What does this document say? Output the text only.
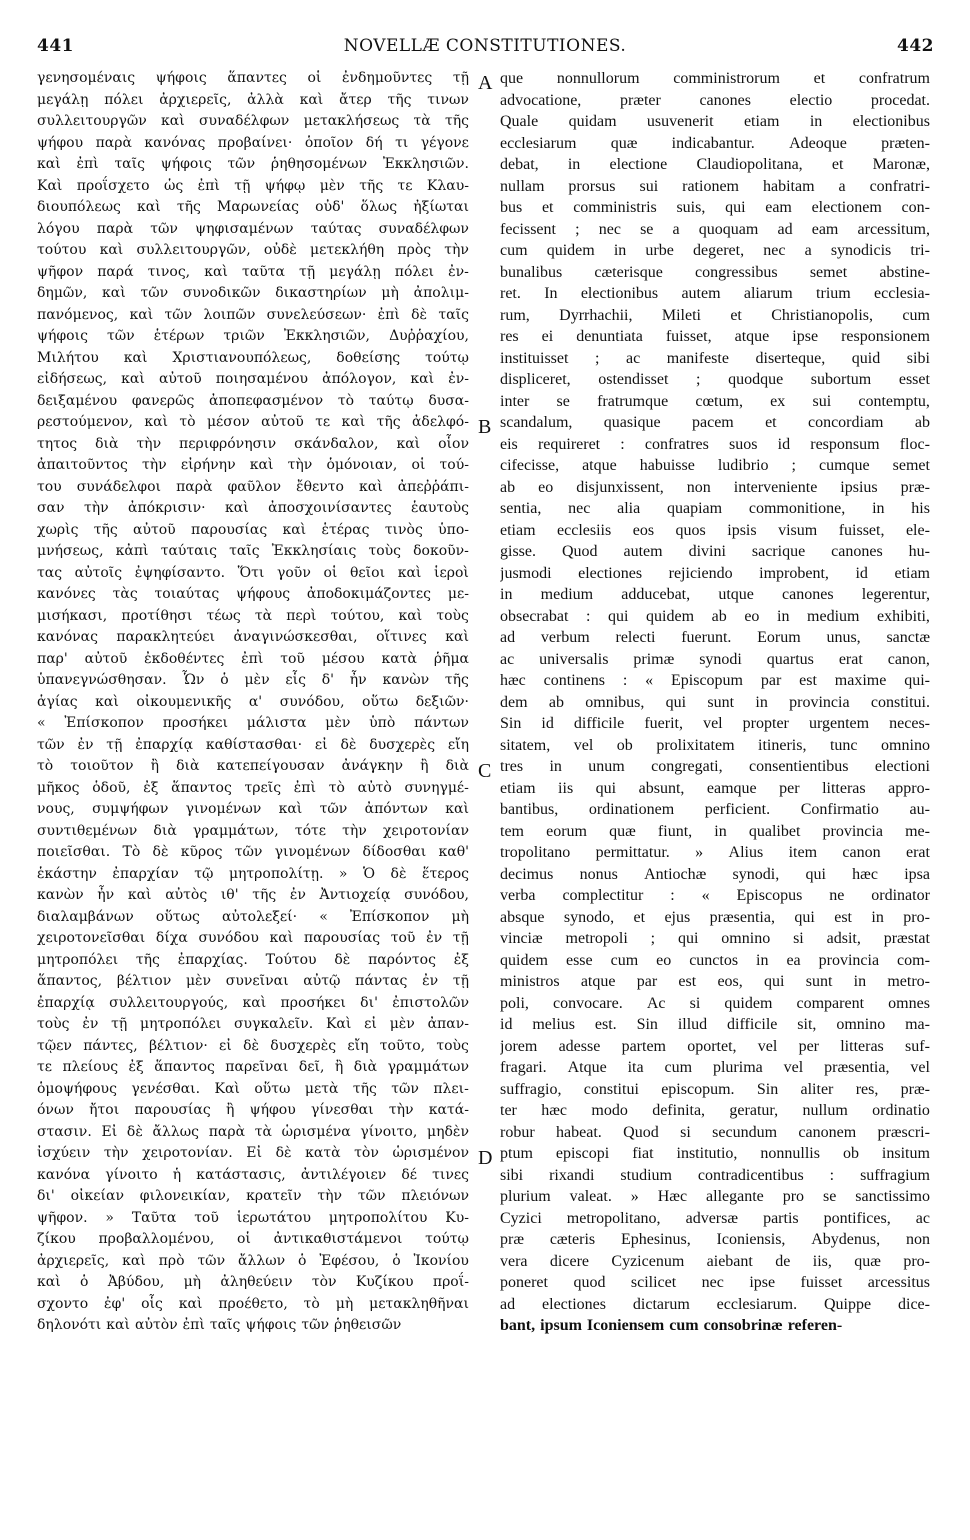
441	NOVELLÆ CONSTITUTIONES.	442
γενησομέναις ψήφοις ἅπαντες οἱ ἐνδημοῦντες τῇ
μεγάλῃ πόλει ἀρχιερεῖς, ἀλλὰ καὶ ἄτερ τῆς τινων
συλλειτουργῶν καὶ συναδέλφων μετακλήσεως τὰ τῆς
ψήφου παρὰ κανόνας προβαίνει· ὁποῖον δή τι γέγονε
καὶ ἐπὶ ταῖς ψήφοις τῶν ῥηθησομένων Ἐκκλησιῶν.
Καὶ προΐσχετο ὡς ἐπὶ τῇ ψήφῳ μὲν τῆς τε Κλαυ-
διουπόλεως καὶ τῆς Μαρωνείας οὐδ' ὅλως ἠξίωται
λόγου παρὰ τῶν ψηφισαμένων ταύτας συναδέλφων
τούτου καὶ συλλειτουργῶν, οὐδὲ μετεκλήθη πρὸς τὴν
ψῆφον παρά τινος, καὶ ταῦτα τῇ μεγάλῃ πόλει ἐν-
δημῶν, καὶ τῶν συνοδικῶν δικαστηρίων μὴ ἀπολιμ-
πανόμενος, καὶ τῶν λοιπῶν συνελεύσεων· ἐπὶ δὲ ταῖς
ψήφοις τῶν ἑτέρων τριῶν Ἐκκλησιῶν, Δυῤῥαχίου,
Μιλήτου καὶ Χριστιανουπόλεως, δοθείσης τούτῳ
εἰδήσεως, καὶ αὐτοῦ ποιησαμένου ἀπόλογον, καὶ ἐν-
δειξαμένου φανερῶς ἀποπεφασμένον τὸ ταύτῳ δυσα-
ρεστούμενον, καὶ τὸ μέσον αὐτοῦ τε καὶ τῆς ἀδελφό-
τητος διὰ τὴν περιφρόνησιν σκάνδαλον, καὶ οἷον
ἀπαιτοῦντος τὴν εἰρήνην καὶ τὴν ὁμόνοιαν, οἱ τού-
του συνάδελφοι παρὰ φαῦλον ἔθεντο καὶ ἀπεῤῥάπι-
σαν τὴν ἀπόκρισιν· καὶ ἀποσχοινίσαντες ἑαυτοὺς
χωρὶς τῆς αὐτοῦ παρουσίας καὶ ἑτέρας τινὸς ὑπο-
μνήσεως, κἀπὶ ταύταις ταῖς Ἐκκλησίαις τοὺς δοκοῦν-
τας αὐτοῖς ἐψηφίσαντο. Ὅτι γοῦν οἱ θεῖοι καὶ ἱεροὶ
κανόνες τὰς τοιαύτας ψήφους ἀποδοκιμάζοντες με-
μισήκασι, προτίθησι τέως τὰ περὶ τούτου, καὶ τοὺς
κανόνας παρακλητεύει ἀναγινώσκεσθαι, οἵτινες καὶ
παρ' αὐτοῦ ἐκδοθέντες ἐπὶ τοῦ μέσου κατὰ ῥῆμα
ὑπανεγνώσθησαν. Ὧν ὁ μὲν εἷς δ' ἦν κανὼν τῆς
ἁγίας καὶ οἰκουμενικῆς α' συνόδου, οὕτω δεξιῶν·
« Ἐπίσκοπον προσήκει μάλιστα μὲν ὑπὸ πάντων
τῶν ἐν τῇ ἐπαρχίᾳ καθίστασθαι· εἰ δὲ δυσχερὲς εἴη
τὸ τοιοῦτον ἢ διὰ κατεπείγουσαν ἀνάγκην ἢ διὰ
μῆκος ὁδοῦ, ἐξ ἅπαντος τρεῖς ἐπὶ τὸ αὐτὸ συνηγμέ-
νους, συμψήφων γινομένων καὶ τῶν ἀπόντων καὶ
συντιθεμένων διὰ γραμμάτων, τότε τὴν χειροτονίαν
ποιεῖσθαι. Τὸ δὲ κῦρος τῶν γινομένων δίδοσθαι καθ'
ἑκάστην ἐπαρχίαν τῷ μητροπολίτῃ. » Ὁ δὲ ἕτερος
κανὼν ἦν καὶ αὐτὸς ιθ' τῆς ἐν Ἀντιοχείᾳ συνόδου,
διαλαμβάνων οὕτως αὐτολεξεί· « Ἐπίσκοπον μὴ
χειροτονεῖσθαι δίχα συνόδου καὶ παρουσίας τοῦ ἐν τῇ
μητροπόλει τῆς ἐπαρχίας. Τούτου δὲ παρόντος ἐξ
ἅπαντος, βέλτιον μὲν συνεῖναι αὐτῷ πάντας ἐν τῇ
ἐπαρχίᾳ συλλειτουργούς, καὶ προσήκει δι' ἐπιστολῶν
τοὺς ἐν τῇ μητροπόλει συγκαλεῖν. Καὶ εἰ μὲν ἀπαν-
τῷεν πάντες, βέλτιον· εἰ δὲ δυσχερὲς εἴη τοῦτο, τοὺς
τε πλείους ἐξ ἅπαντος παρεῖναι δεῖ, ἢ διὰ γραμμάτων
ὁμοψήφους γενέσθαι. Καὶ οὕτω μετὰ τῆς τῶν πλει-
όνων ἤτοι παρουσίας ἢ ψήφου γίνεσθαι τὴν κατά-
στασιν. Εἰ δὲ ἄλλως παρὰ τὰ ὡρισμένα γίνοιτο, μηδὲν
ἰσχύειν τὴν χειροτονίαν. Εἰ δὲ κατὰ τὸν ὡρισμένον
κανόνα γίνοιτο ἡ κατάστασις, ἀντιλέγοιεν δέ τινες
δι' οἰκείαν φιλονεικίαν, κρατεῖν τὴν τῶν πλειόνων
ψῆφον. » Ταῦτα τοῦ ἱερωτάτου μητροπολίτου Κυ-
ζίκου προβαλλομένου, οἱ ἀντικαθιστάμενοι τούτῳ
ἀρχιερεῖς, καὶ πρὸ τῶν ἄλλων ὁ Ἐφέσου, ὁ Ἰκονίου
καὶ ὁ Ἀβύδου, μὴ ἀληθεύειν τὸν Κυζίκου προΐ-
σχοντο ἐφ' οἷς καὶ προέθετο, τὸ μὴ μετακληθῆναι
δηλονότι καὶ αὐτὸν ἐπὶ ταῖς ψήφοις τῶν ῥηθεισῶν
que nonnullorum comministrorum et confratrum
advocatione, præter canones electio procedat.
Quale quidam usuvenerit etiam in electionibus
ecclesiarum quæ indicabantur. Adeoque præten-
debat, in electione Claudiopolitana, et Maronæ,
nullam prorsus sui rationem habitam a confratri-
bus et comministris suis, qui eam electionem con-
fecissent ; nec se a quoquam ad eam arcessitum,
cum quidem in urbe degeret, nec a synodicis tri-
bunalibus cæterisque congressibus semet abstine-
ret. In electionibus autem aliarum trium ecclesia-
rum, Dyrrhachii, Mileti et Christianopolis, cum
res ei denuntiata fuisset, atque ipse responsionem
instituisset ; ac manifeste diserteque, quid sibi
displiceret, ostendisset ; quodque subortum esset
inter se fratrumque cœtum, ex sui contemptu,
scandalum, quasique pacem et concordiam ab
eis requireret : confratres suos id responsum floc-
cifecisse, atque habuisse ludibrio ; cumque semet
ab eo disjunxissent, non interveniente ipsius præ-
sentia, nec alia quapiam commonitione, in his
etiam ecclesiis eos quos ipsis visum fuisset, ele-
gisse. Quod autem divini sacrique canones hu-
jusmodi electiones rejiciendo improbent, id etiam
in medium adducebat, utque canones legerentur,
obsecrabat : qui quidem ab eo in medium exhibiti,
ad verbum relecti fuerunt. Eorum unus, sanctæ
ac universalis primæ synodi quartus erat canon,
hæc continens : « Episcopum par est maxime qui-
dem ab omnibus, qui sunt in provincia constitui.
Sin id difficile fuerit, vel propter urgentem neces-
sitatem, vel ob prolixitatem itineris, tunc omnino
tres in unum congregati, consentientibus electioni
etiam iis qui absunt, eamque per litteras appro-
bantibus, ordinationem perficient. Confirmatio au-
tem eorum quæ fiunt, in qualibet provincia me-
tropolitano permittatur. » Alius item canon erat
decimus nonus Antiochæ synodi, qui hæc ipsa
verba complectitur : « Episcopus ne ordinator
absque synodo, et ejus præsentia, qui est in pro-
vinciæ metropoli ; qui omnino si adsit, præstat
quidem esse cum eo cunctos in ea provincia com-
ministros atque par est eos, qui sunt in metro-
poli, convocare. Ac si quidem comparent omnes
id melius est. Sin illud difficile sit, omnino ma-
jorem adesse partem oportet, vel per litteras suf-
fragari. Atque ita cum plurima vel præsentia, vel
suffragio, constitui episcopum. Sin aliter res, præ-
ter hæc modo definita, geratur, nullum ordinatio
robur habeat. Quod si secundum canonem præscri-
ptum episcopi fiat institutio, nonnullis ob insitum
sibi rixandi studium contradicentibus : suffragium
plurium valeat. » Hæc allegante pro se sanctissimo
Cyzici metropolitano, adversæ partis pontifices, ac
præ cæteris Ephesinus, Iconiensis, Abydenus, non
vera dicere Cyzicenum aiebant de iis, quæ pro-
poneret quod scilicet nec ipse fuisset arcessitus
ad electiones dictarum ecclesiarum. Quippe dice-
bant, ipsum Iconiensem cum consobrinæ referen-
A
B
C
D
